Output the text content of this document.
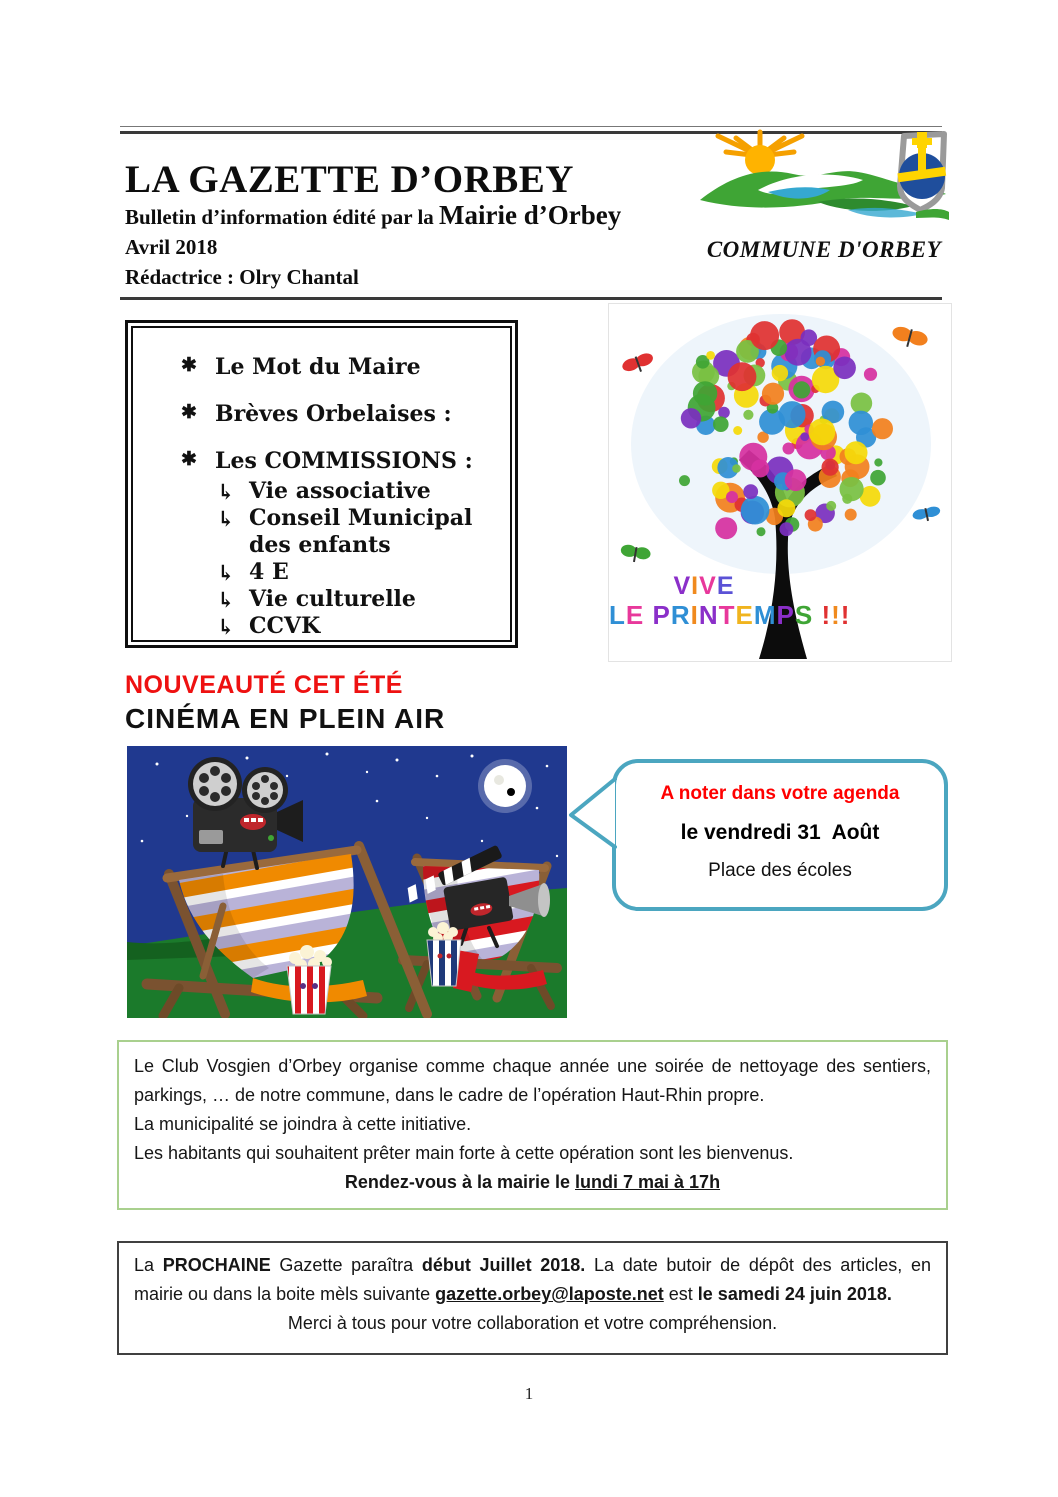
LA GAZETTE D’ORBEY
Bulletin d’information édité par la Mairie d’Orbey
Avril 2018
Rédactrice : Olry Chantal
COMMUNE D'ORBEY
✱ Le Mot du Maire
✱ Brèves Orbelaises :
✱ Les COMMISSIONS :
↳ Vie associative
↳ Conseil Municipal des enfants
↳ 4 E
↳ Vie culturelle
↳ CCVK
VIVE
LE PRINTEMPS !!!
NOUVEAUTÉ CET ÉTÉ
CINÉMA EN PLEIN AIR
A noter dans votre agenda
le vendredi 31  Août
Place des écoles

Le Club Vosgien d’Orbey organise comme chaque année une soirée de nettoyage des sentiers, parkings, … de notre commune, dans le cadre de l’opération Haut-Rhin propre.

La municipalité se joindra à cette initiative.

Les habitants qui souhaitent prêter main forte à cette opération sont les bienvenus.

Rendez-vous à la mairie le lundi 7 mai à 17h

La PROCHAINE Gazette paraîtra début Juillet 2018. La date butoir de dépôt des articles, en mairie ou dans la boite mèls suivante gazette.orbey@laposte.net est le samedi 24 juin 2018.

Merci à tous pour votre collaboration et votre compréhension.

1
